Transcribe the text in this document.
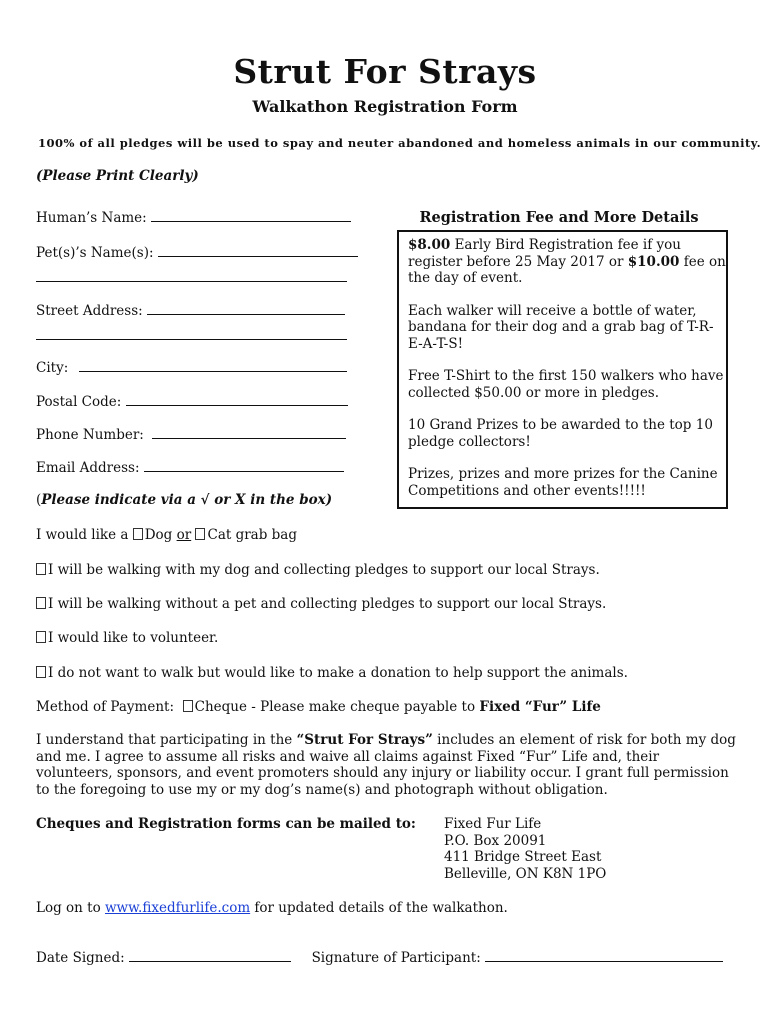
Strut For Strays
Walkathon Registration Form
100% of all pledges will be used to spay and neuter abandoned and homeless animals in our community.
(Please Print Clearly)
Human’s Name:
Pet(s)’s Name(s):
Street Address:
City:
Postal Code:
Phone Number:
Email Address:
Registration Fee and More Details

$8.00 Early Bird Registration fee if you register before 25 May 2017 or $10.00 fee on the day of event.

Each walker will receive a bottle of water, bandana for their dog and a grab bag of T-R-E-A-T-S!

Free T-Shirt to the first 150 walkers who have collected $50.00 or more in pledges.

10 Grand Prizes to be awarded to the top 10 pledge collectors!

Prizes, prizes and more prizes for the Canine Competitions and other events!!!!!

(Please indicate via a √ or X in the box)
I would like a Dog or Cat grab bag
I will be walking with my dog and collecting pledges to support our local Strays.
I will be walking without a pet and collecting pledges to support our local Strays.
I would like to volunteer.
I do not want to walk but would like to make a donation to help support the animals.
Method of Payment: Cheque - Please make cheque payable to Fixed “Fur” Life
I understand that participating in the “Strut For Strays” includes an element of risk for both my dog and me. I agree to assume all risks and waive all claims against Fixed “Fur” Life and, their volunteers, sponsors, and event promoters should any injury or liability occur. I grant full permission to the foregoing to use my or my dog’s name(s) and photograph without obligation.
Cheques and Registration forms can be mailed to: Fixed Fur Life
P.O. Box 20091
411 Bridge Street East
Belleville, ON K8N 1PO
Log on to www.fixedfurlife.com for updated details of the walkathon.
Date Signed:	Signature of Participant:
